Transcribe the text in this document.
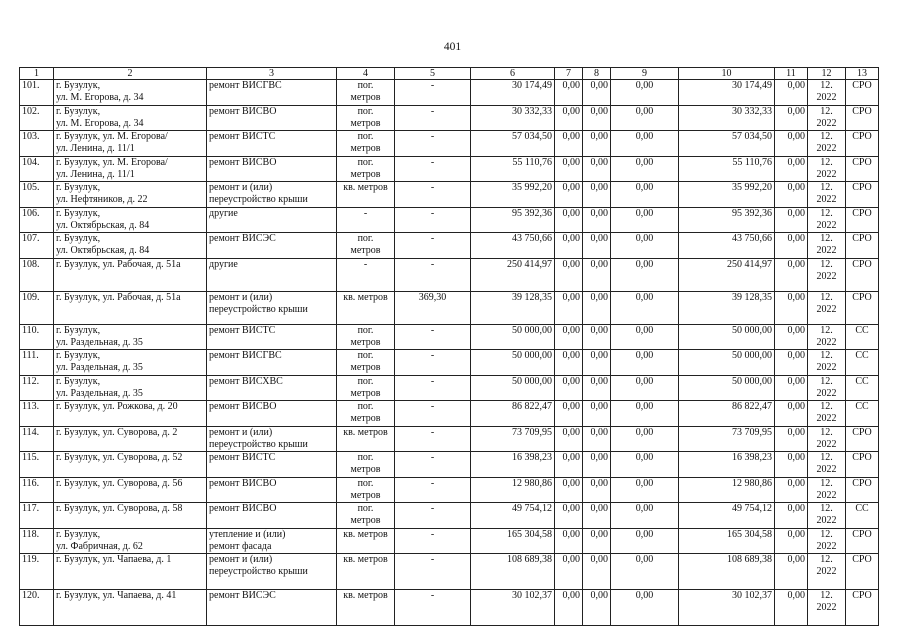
401
1	2	3	4	5	6	7	8	9	10	11	12	13

101.	г. Бузулук,
ул. М. Егорова, д. 34	ремонт ВИСГВС	пог.
метров	-	30 174,49	0,00	0,00	0,00	30 174,49	0,00	12.
2022	СРО

102.	г. Бузулук,
ул. М. Егорова, д. 34	ремонт ВИСВО	пог.
метров	-	30 332,33	0,00	0,00	0,00	30 332,33	0,00	12.
2022	СРО

103.	г. Бузулук, ул. М. Егорова/
ул. Ленина, д. 11/1	ремонт ВИСТС	пог.
метров	-	57 034,50	0,00	0,00	0,00	57 034,50	0,00	12.
2022	СРО

104.	г. Бузулук, ул. М. Егорова/
ул. Ленина, д. 11/1	ремонт ВИСВО	пог.
метров	-	55 110,76	0,00	0,00	0,00	55 110,76	0,00	12.
2022	СРО

105.	г. Бузулук,
ул. Нефтяников, д. 22	ремонт и (или)
переустройство крыши	кв. метров	-	35 992,20	0,00	0,00	0,00	35 992,20	0,00	12.
2022	СРО

106.	г. Бузулук,
ул. Октябрьская, д. 84	другие	-	-	95 392,36	0,00	0,00	0,00	95 392,36	0,00	12.
2022	СРО

107.	г. Бузулук,
ул. Октябрьская, д. 84	ремонт ВИСЭС	пог.
метров	-	43 750,66	0,00	0,00	0,00	43 750,66	0,00	12.
2022	СРО

108.	г. Бузулук, ул. Рабочая, д. 51а	другие	-	-	250 414,97	0,00	0,00	0,00	250 414,97	0,00	12.
2022	СРО

109.	г. Бузулук, ул. Рабочая, д. 51а	ремонт и (или)
переустройство крыши	кв. метров	369,30	39 128,35	0,00	0,00	0,00	39 128,35	0,00	12.
2022	СРО

110.	г. Бузулук,
ул. Раздельная, д. 35	ремонт ВИСТС	пог.
метров	-	50 000,00	0,00	0,00	0,00	50 000,00	0,00	12.
2022	СС

111.	г. Бузулук,
ул. Раздельная, д. 35	ремонт ВИСГВС	пог.
метров	-	50 000,00	0,00	0,00	0,00	50 000,00	0,00	12.
2022	СС

112.	г. Бузулук,
ул. Раздельная, д. 35	ремонт ВИСХВС	пог.
метров	-	50 000,00	0,00	0,00	0,00	50 000,00	0,00	12.
2022	СС

113.	г. Бузулук, ул. Рожкова, д. 20	ремонт ВИСВО	пог.
метров	-	86 822,47	0,00	0,00	0,00	86 822,47	0,00	12.
2022	СС

114.	г. Бузулук, ул. Суворова, д. 2	ремонт и (или)
переустройство крыши	кв. метров	-	73 709,95	0,00	0,00	0,00	73 709,95	0,00	12.
2022	СРО

115.	г. Бузулук, ул. Суворова, д. 52	ремонт ВИСТС	пог.
метров	-	16 398,23	0,00	0,00	0,00	16 398,23	0,00	12.
2022	СРО

116.	г. Бузулук, ул. Суворова, д. 56	ремонт ВИСВО	пог.
метров	-	12 980,86	0,00	0,00	0,00	12 980,86	0,00	12.
2022	СРО

117.	г. Бузулук, ул. Суворова, д. 58	ремонт ВИСВО	пог.
метров	-	49 754,12	0,00	0,00	0,00	49 754,12	0,00	12.
2022	СС

118.	г. Бузулук,
ул. Фабричная, д. 62	утепление и (или)
ремонт фасада	кв. метров	-	165 304,58	0,00	0,00	0,00	165 304,58	0,00	12.
2022	СРО

119.	г. Бузулук, ул. Чапаева, д. 1	ремонт и (или)
переустройство крыши	кв. метров	-	108 689,38	0,00	0,00	0,00	108 689,38	0,00	12.
2022	СРО

120.	г. Бузулук, ул. Чапаева, д. 41	ремонт ВИСЭС	кв. метров	-	30 102,37	0,00	0,00	0,00	30 102,37	0,00	12.
2022	СРО
